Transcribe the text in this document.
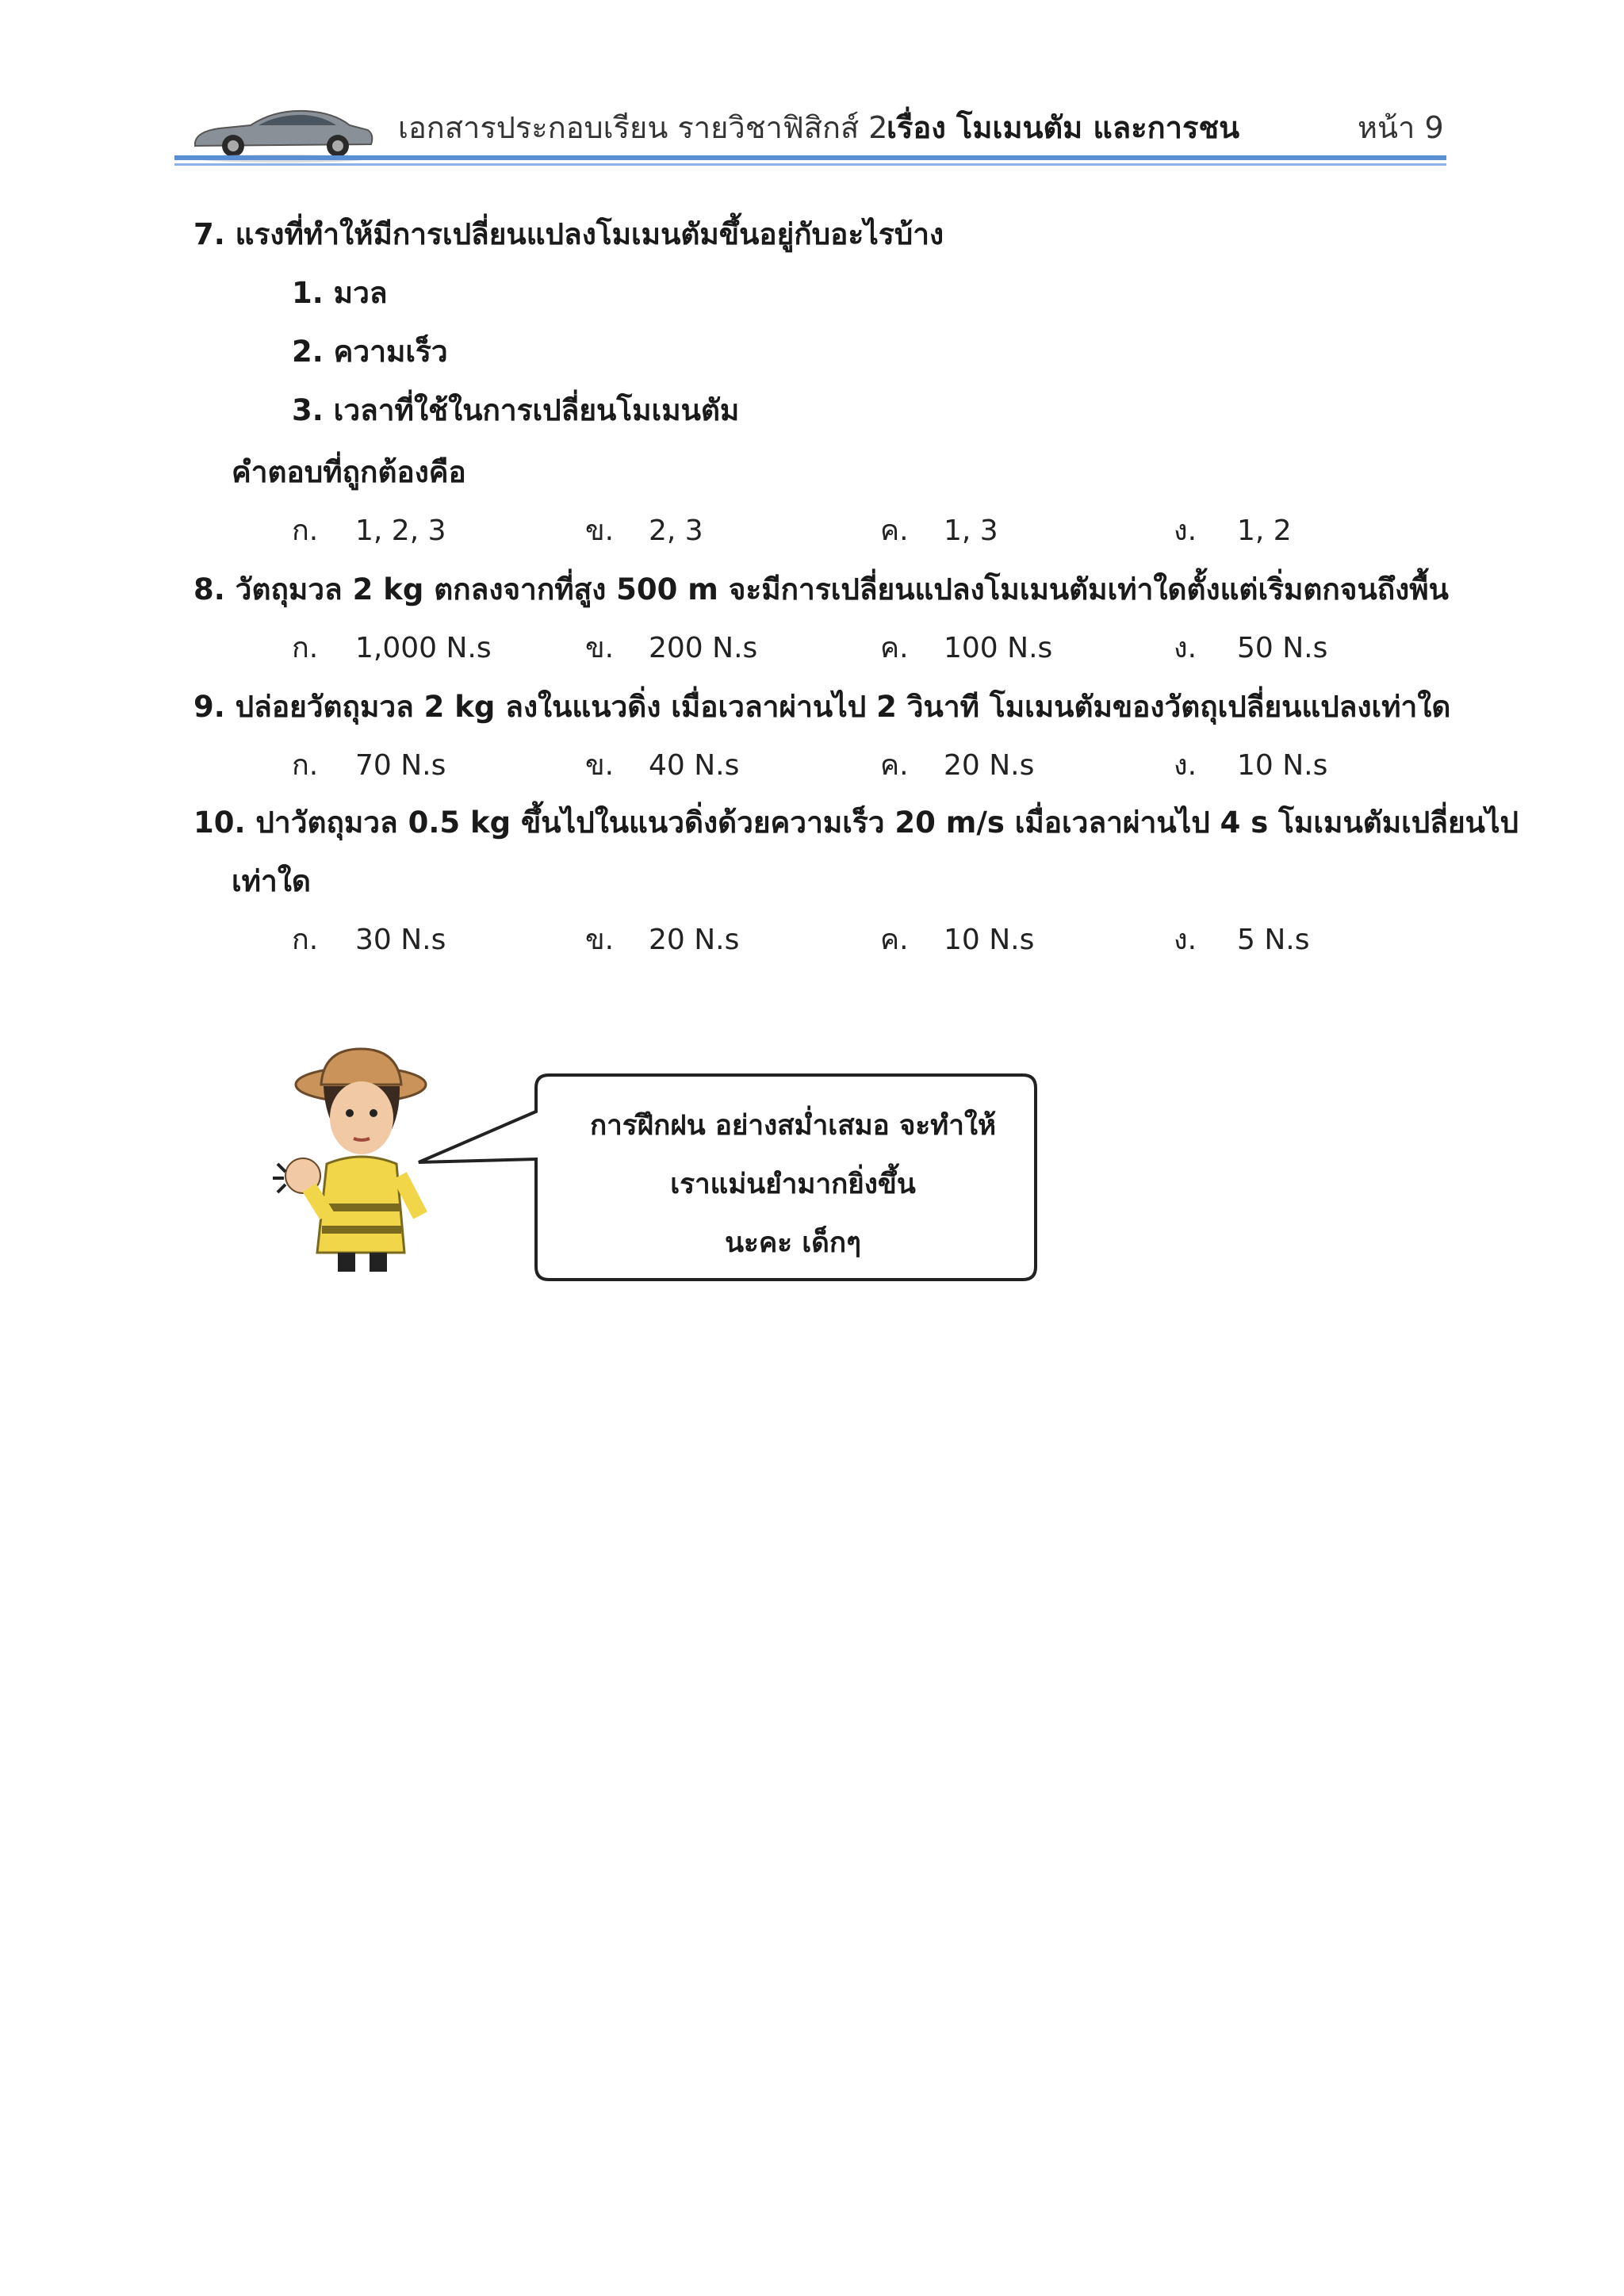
เอกสารประกอบเรียน รายวิชาฟิสิกส์ 2
เรื่อง โมเมนตัม และการชน	หน้า 9
7. แรงที่ทำให้มีการเปลี่ยนแปลงโมเมนตัมขึ้นอยู่กับอะไรบ้าง
1. มวล
2. ความเร็ว
3. เวลาที่ใช้ในการเปลี่ยนโมเมนตัม
คำตอบที่ถูกต้องคือ
ก. 1, 2, 3	ข. 2, 3	ค. 1, 3	ง. 1, 2
8. วัตถุมวล 2 kg ตกลงจากที่สูง 500 m จะมีการเปลี่ยนแปลงโมเมนตัมเท่าใดตั้งแต่เริ่มตกจนถึงพื้น
ก. 1,000 N.s	ข. 200 N.s	ค. 100 N.s	ง. 50 N.s
9. ปล่อยวัตถุมวล 2 kg ลงในแนวดิ่ง เมื่อเวลาผ่านไป 2 วินาที โมเมนตัมของวัตถุเปลี่ยนแปลงเท่าใด
ก. 70 N.s	ข. 40 N.s	ค. 20 N.s	ง. 10 N.s
10. ปาวัตถุมวล 0.5 kg ขึ้นไปในแนวดิ่งด้วยความเร็ว 20 m/s เมื่อเวลาผ่านไป 4 s โมเมนตัมเปลี่ยนไป
เท่าใด
ก. 30 N.s	ข. 20 N.s	ค. 10 N.s	ง. 5 N.s
การฝึกฝน อย่างสม่ำเสมอ จะทำให้
เราแม่นยำมากยิ่งขึ้น
นะคะ เด็กๆ
